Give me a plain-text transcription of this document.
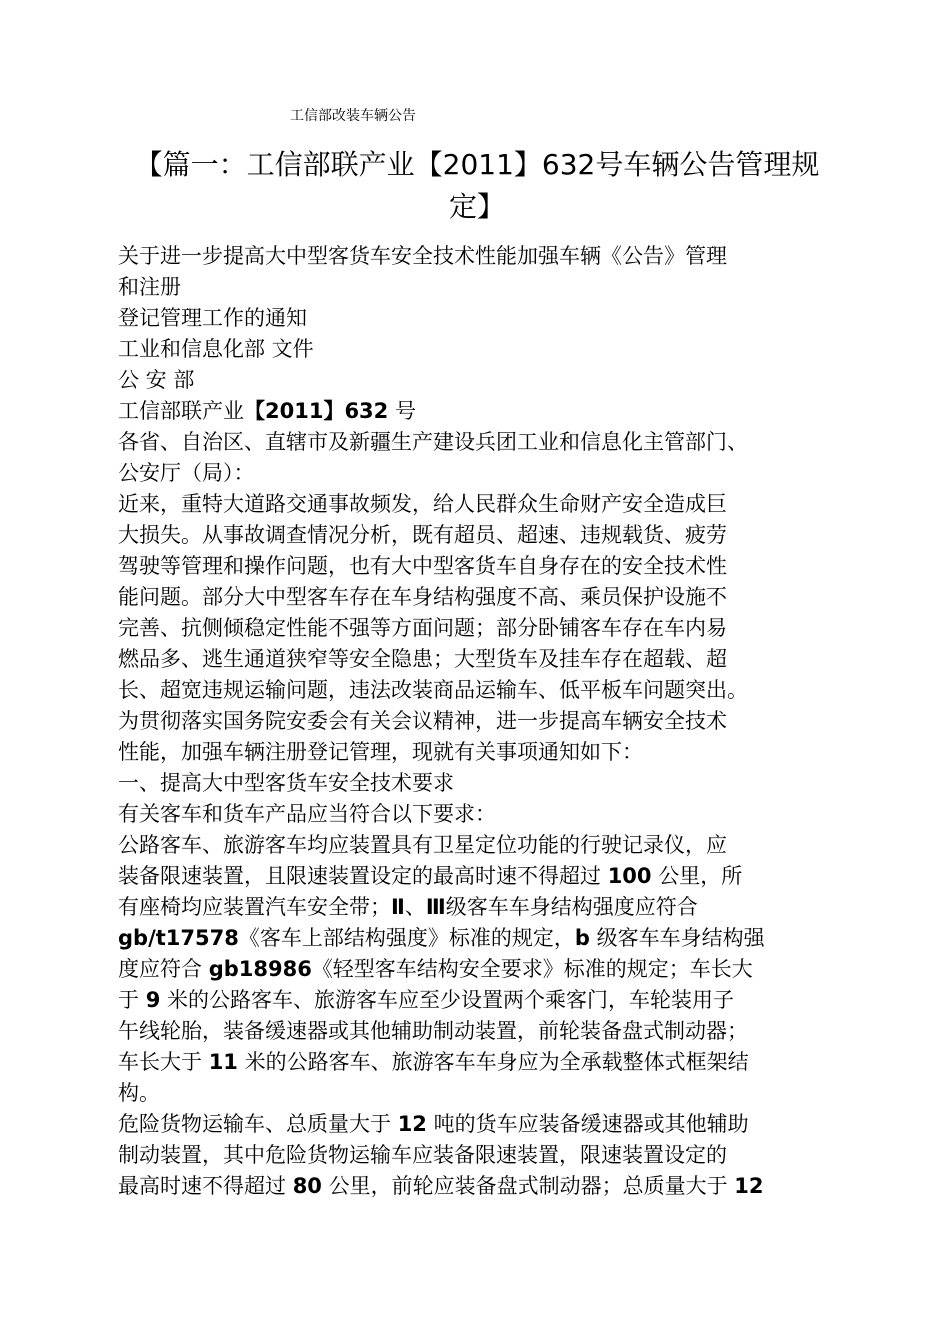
工信部改装车辆公告
【篇一：工信部联产业【2011】632号车辆公告管理规
定】
关于进一步提高大中型客货车安全技术性能加强车辆《公告》管理
和注册
登记管理工作的通知
工业和信息化部 文件
公 安 部
工信部联产业【2011】632 号
各省、自治区、直辖市及新疆生产建设兵团工业和信息化主管部门、
公安厅（局）：
近来，重特大道路交通事故频发，给人民群众生命财产安全造成巨
大损失。从事故调查情况分析，既有超员、超速、违规载货、疲劳
驾驶等管理和操作问题，也有大中型客货车自身存在的安全技术性
能问题。部分大中型客车存在车身结构强度不高、乘员保护设施不
完善、抗侧倾稳定性能不强等方面问题；部分卧铺客车存在车内易
燃品多、逃生通道狭窄等安全隐患；大型货车及挂车存在超载、超
长、超宽违规运输问题，违法改装商品运输车、低平板车问题突出。
为贯彻落实国务院安委会有关会议精神，进一步提高车辆安全技术
性能，加强车辆注册登记管理，现就有关事项通知如下：
一、提高大中型客货车安全技术要求
有关客车和货车产品应当符合以下要求：
公路客车、旅游客车均应装置具有卫星定位功能的行驶记录仪，应
装备限速装置，且限速装置设定的最高时速不得超过 100 公里，所
有座椅均应装置汽车安全带；Ⅱ、Ⅲ级客车车身结构强度应符合
gb/t17578《客车上部结构强度》标准的规定，b 级客车车身结构强
度应符合 gb18986《轻型客车结构安全要求》标准的规定；车长大
于 9 米的公路客车、旅游客车应至少设置两个乘客门，车轮装用子
午线轮胎，装备缓速器或其他辅助制动装置，前轮装备盘式制动器；
车长大于 11 米的公路客车、旅游客车车身应为全承载整体式框架结
构。
危险货物运输车、总质量大于 12 吨的货车应装备缓速器或其他辅助
制动装置，其中危险货物运输车应装备限速装置，限速装置设定的
最高时速不得超过 80 公里，前轮应装备盘式制动器；总质量大于 12
